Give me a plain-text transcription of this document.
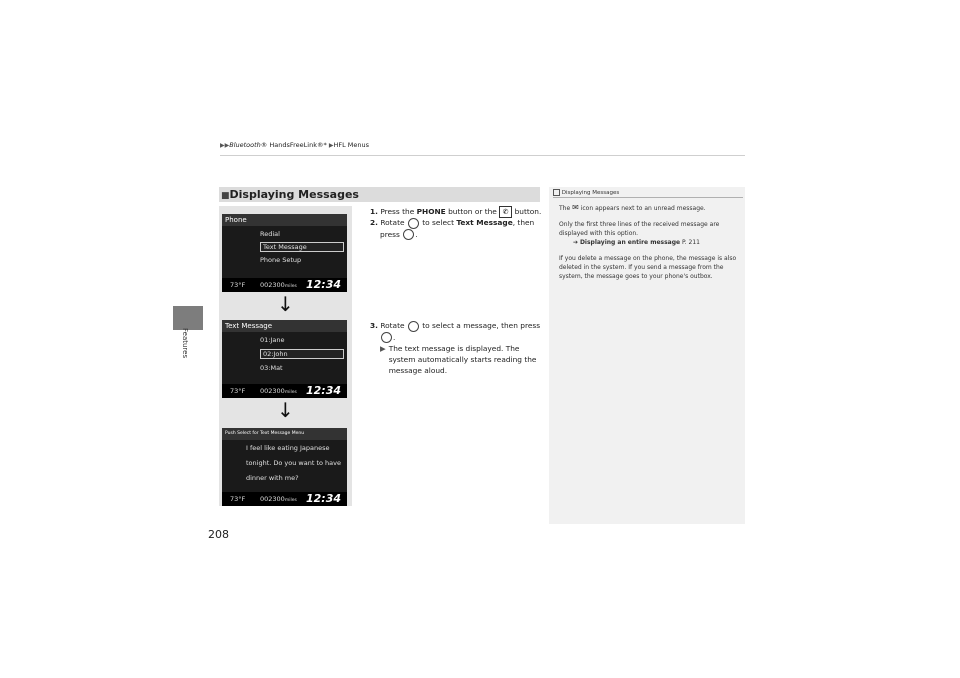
▶▶Bluetooth® HandsFreeLink®* ▶HFL Menus
Features
■Displaying Messages
Phone
Redial
Text Message
Phone Setup
73°F 002300miles 12:34
↓
Text Message
01:Jane
02:John
03:Mat
73°F 002300miles 12:34
↓
Push Select for Text Message Menu
I feel like eating Japanese
tonight. Do you want to have
dinner with me?
73°F 002300miles 12:34
1. Press the PHONE button or the ✆ button.
2. Rotate to select Text Message, then
press .
3. Rotate to select a message, then press
.
▶ The text message is displayed. The system automatically starts reading the message aloud.
Displaying Messages

The ✉ icon appears next to an unread message.

Only the first three lines of the received message are displayed with this option.

➔ Displaying an entire message P. 211

If you delete a message on the phone, the message is also deleted in the system. If you send a message from the system, the message goes to your phone's outbox.

208
